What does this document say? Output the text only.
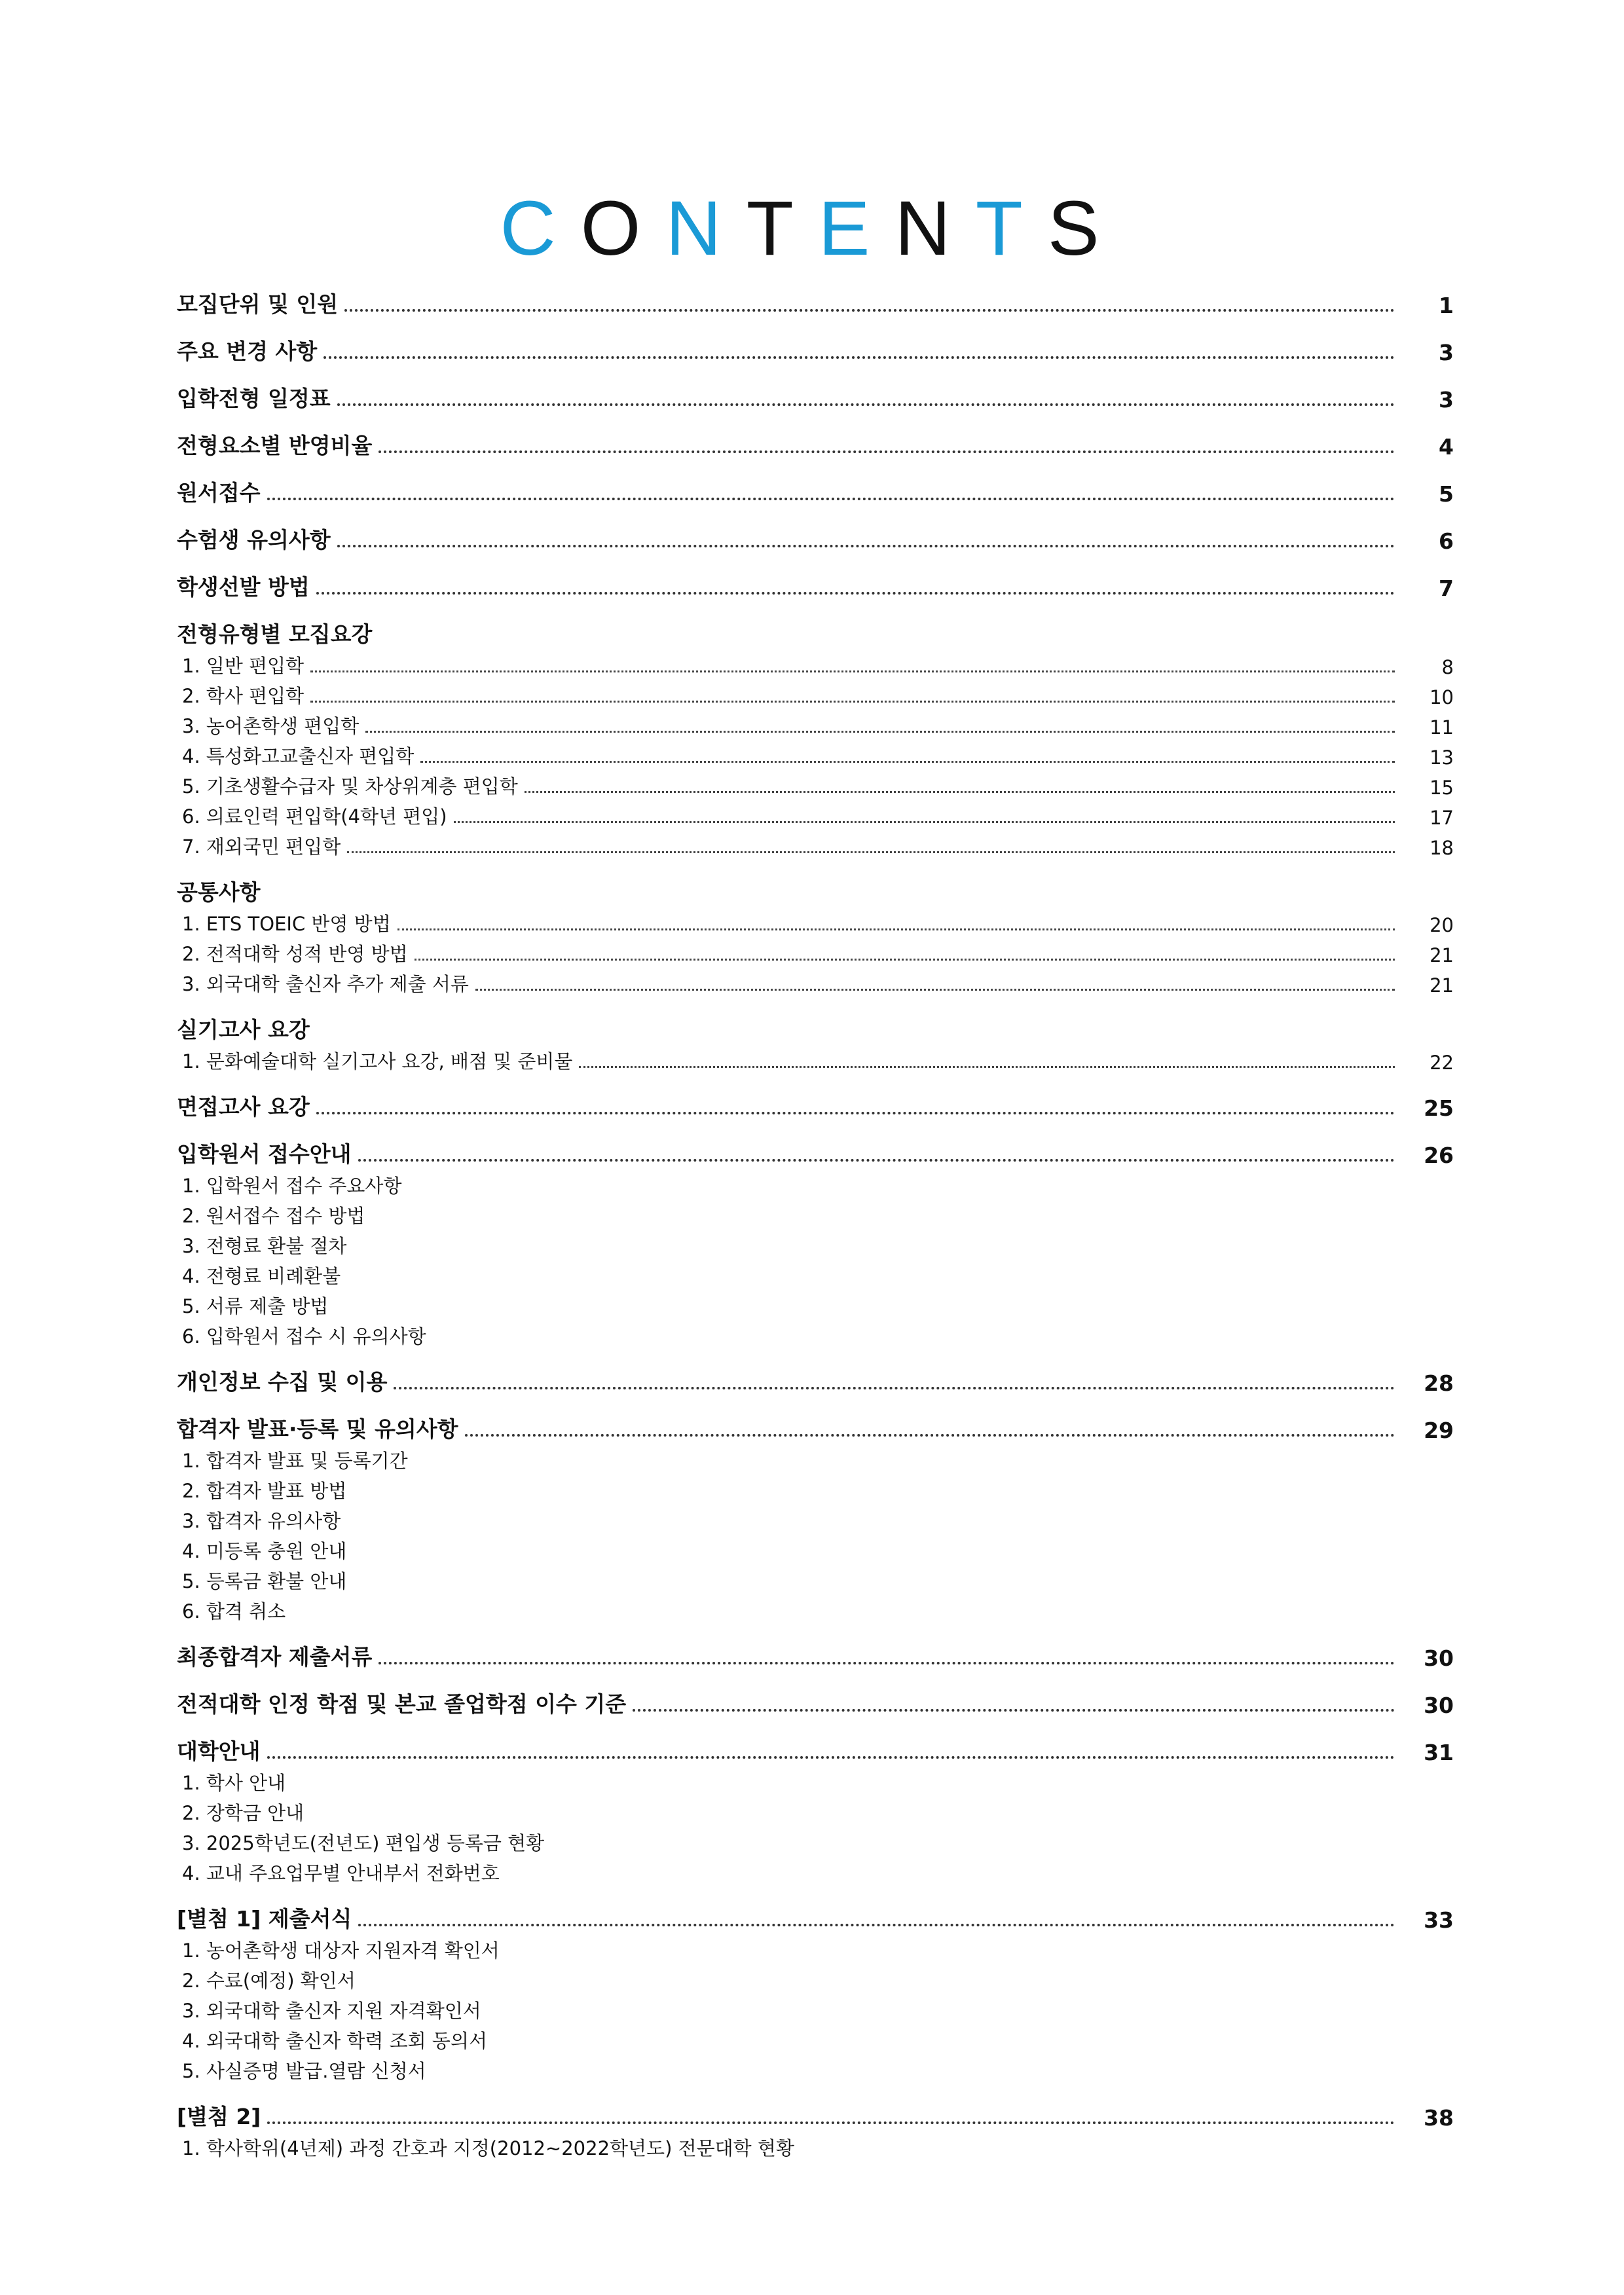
CONTENTS
모집단위 및 인원	1
주요 변경 사항	3
입학전형 일정표	3
전형요소별 반영비율	4
원서접수	5
수험생 유의사항	6
학생선발 방법	7
전형유형별 모집요강
1. 일반 편입학	8
2. 학사 편입학	10
3. 농어촌학생 편입학	11
4. 특성화고교출신자 편입학	13
5. 기초생활수급자 및 차상위계층 편입학	15
6. 의료인력 편입학(4학년 편입)	17
7. 재외국민 편입학	18
공통사항
1. ETS TOEIC 반영 방법	20
2. 전적대학 성적 반영 방법	21
3. 외국대학 출신자 추가 제출 서류	21
실기고사 요강
1. 문화예술대학 실기고사 요강, 배점 및 준비물	22
면접고사 요강	25
입학원서 접수안내	26
1. 입학원서 접수 주요사항
2. 원서접수 접수 방법
3. 전형료 환불 절차
4. 전형료 비례환불
5. 서류 제출 방법
6. 입학원서 접수 시 유의사항
개인정보 수집 및 이용	28
합격자 발표·등록 및 유의사항	29
1. 합격자 발표 및 등록기간
2. 합격자 발표 방법
3. 합격자 유의사항
4. 미등록 충원 안내
5. 등록금 환불 안내
6. 합격 취소
최종합격자 제출서류	30
전적대학 인정 학점 및 본교 졸업학점 이수 기준	30
대학안내	31
1. 학사 안내
2. 장학금 안내
3. 2025학년도(전년도) 편입생 등록금 현황
4. 교내 주요업무별 안내부서 전화번호
[별첨 1] 제출서식	33
1. 농어촌학생 대상자 지원자격 확인서
2. 수료(예정) 확인서
3. 외국대학 출신자 지원 자격확인서
4. 외국대학 출신자 학력 조회 동의서
5. 사실증명 발급.열람 신청서
[별첨 2]	38
1. 학사학위(4년제) 과정 간호과 지정(2012~2022학년도) 전문대학 현황
